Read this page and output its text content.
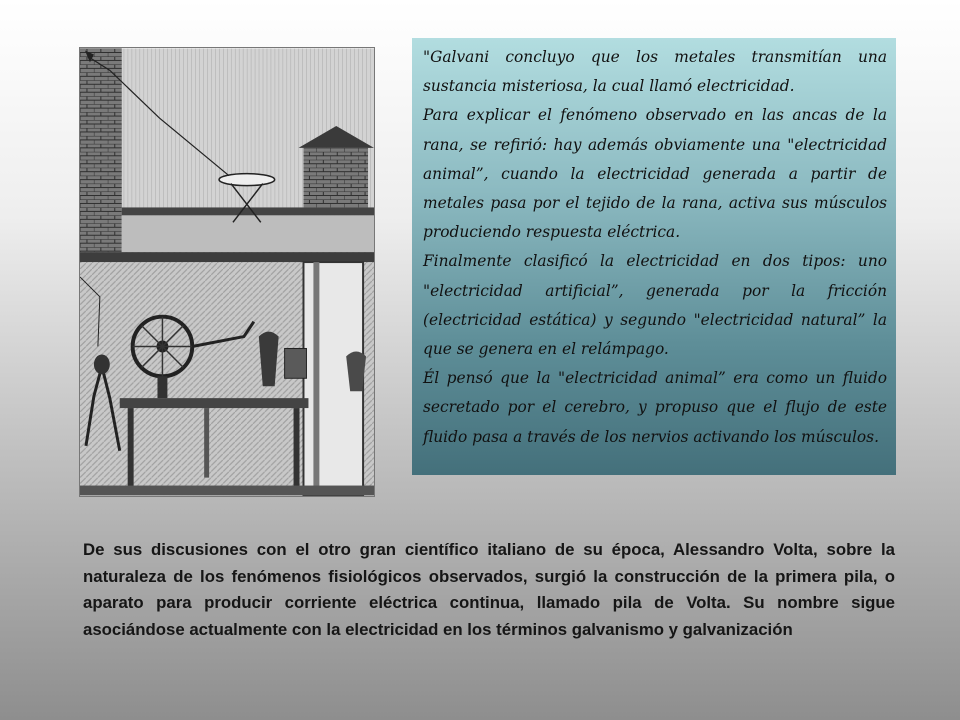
"Galvani concluyo que los metales transmitían una sustancia misteriosa, la cual llamó electricidad.

Para explicar el fenómeno observado en las ancas de la rana, se refirió: hay además obviamente una "electricidad animal”, cuando la electricidad generada a partir de metales pasa por el tejido de la rana, activa sus músculos produciendo respuesta eléctrica.

Finalmente clasificó la electricidad en dos tipos: uno "electricidad artificial”, generada por la fricción (electricidad estática) y segundo "electricidad natural” la que se genera en el relámpago.

Él pensó que la "electricidad animal” era como un fluido secretado por el cerebro, y propuso que el flujo de este fluido pasa a través de los nervios activando los músculos.

De sus discusiones con el otro gran científico italiano de su época, Alessandro Volta, sobre la naturaleza de los fenómenos fisiológicos observados, surgió la construcción de la primera pila, o aparato para producir corriente eléctrica continua, llamado pila de Volta. Su nombre sigue asociándose actualmente con la electricidad en los términos galvanismo y galvanización
